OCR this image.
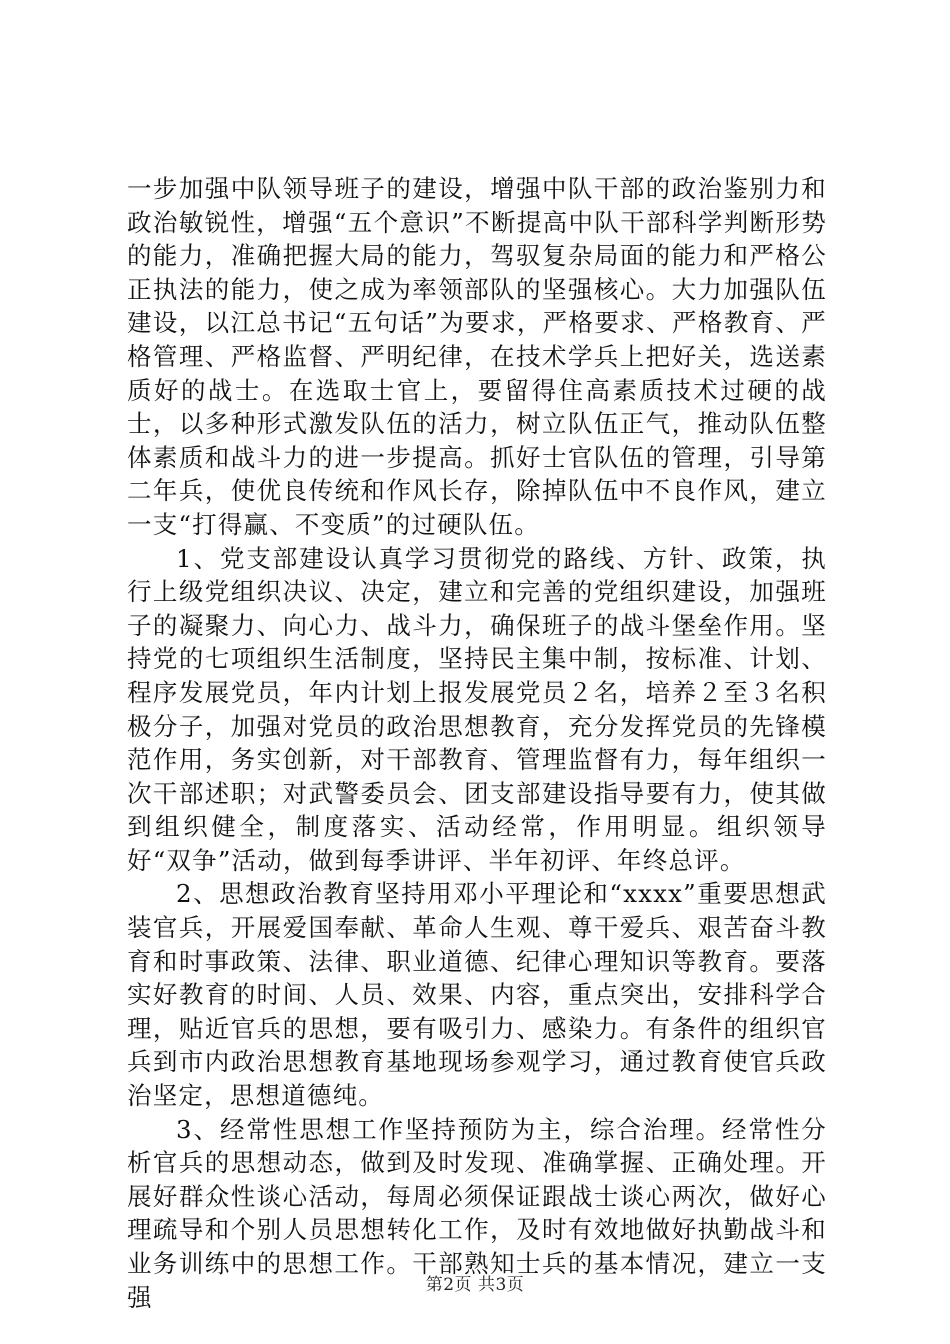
一步加强中队领导班子的建设，增强中队干部的政治鉴别力和政治敏锐性，增强“五个意识”不断提高中队干部科学判断形势的能力，准确把握大局的能力，驾驭复杂局面的能力和严格公正执法的能力，使之成为率领部队的坚强核心。大力加强队伍建设，以江总书记“五句话”为要求，严格要求、严格教育、严格管理、严格监督、严明纪律，在技术学兵上把好关，选送素质好的战士。在选取士官上，要留得住高素质技术过硬的战士，以多种形式激发队伍的活力，树立队伍正气，推动队伍整体素质和战斗力的进一步提高。抓好士官队伍的管理，引导第二年兵，使优良传统和作风长存，除掉队伍中不良作风，建立一支“打得赢、不变质”的过硬队伍。

1、党支部建设认真学习贯彻党的路线、方针、政策，执行上级党组织决议、决定，建立和完善的党组织建设，加强班子的凝聚力、向心力、战斗力，确保班子的战斗堡垒作用。坚持党的七项组织生活制度，坚持民主集中制，按标准、计划、程序发展党员，年内计划上报发展党员２名，培养２至３名积极分子，加强对党员的政治思想教育，充分发挥党员的先锋模范作用，务实创新，对干部教育、管理监督有力，每年组织一次干部述职；对武警委员会、团支部建设指导要有力，使其做到组织健全，制度落实、活动经常，作用明显。组织领导好“双争”活动，做到每季讲评、半年初评、年终总评。

2、思想政治教育坚持用邓小平理论和“xxxx”重要思想武装官兵，开展爱国奉献、革命人生观、尊干爱兵、艰苦奋斗教育和时事政策、法律、职业道德、纪律心理知识等教育。要落实好教育的时间、人员、效果、内容，重点突出，安排科学合理，贴近官兵的思想，要有吸引力、感染力。有条件的组织官兵到市内政治思想教育基地现场参观学习，通过教育使官兵政治坚定，思想道德纯。

3、经常性思想工作坚持预防为主，综合治理。经常性分析官兵的思想动态，做到及时发现、准确掌握、正确处理。开展好群众性谈心活动，每周必须保证跟战士谈心两次，做好心理疏导和个别人员思想转化工作，及时有效地做好执勤战斗和业务训练中的思想工作。干部熟知士兵的基本情况，建立一支强	第2页 共3页
